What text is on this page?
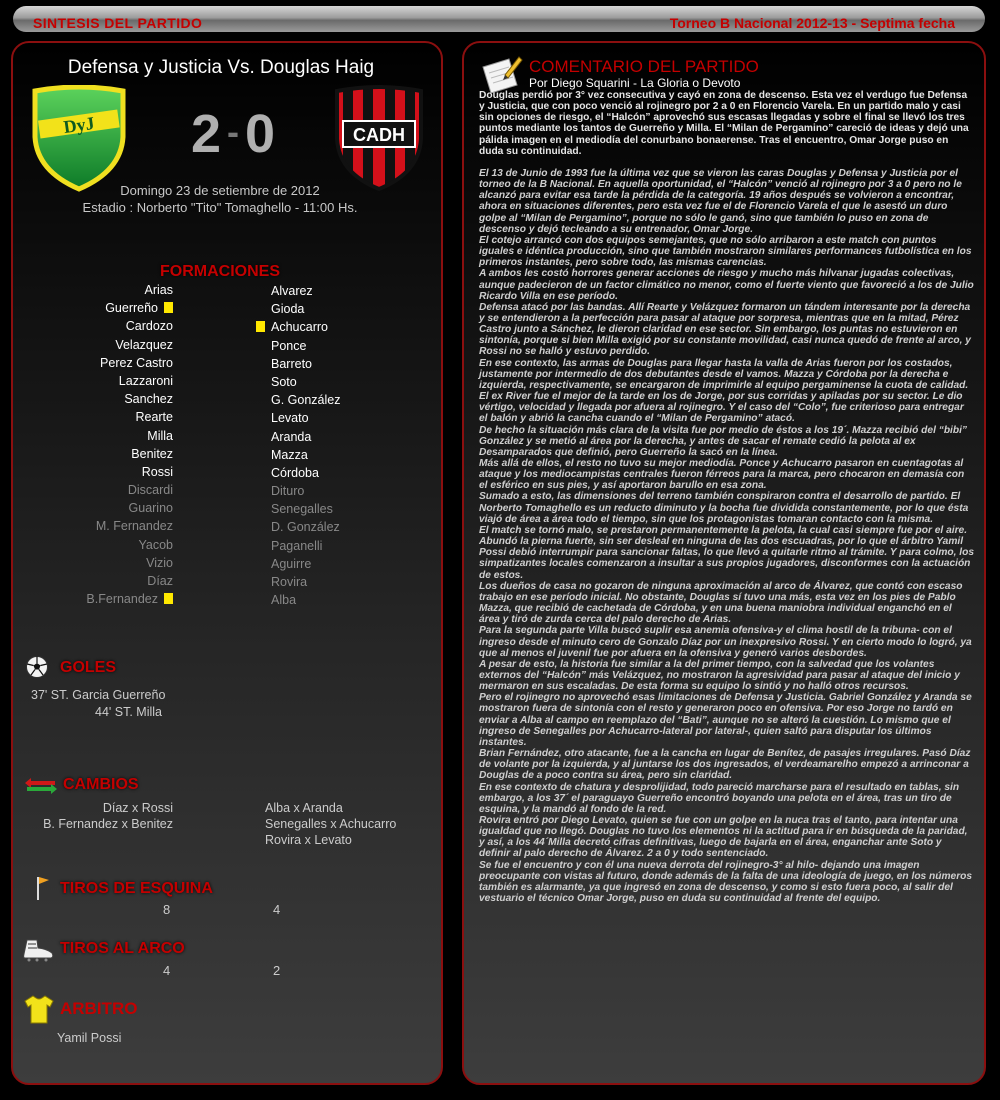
SINTESIS DEL PARTIDO	Torneo B Nacional 2012-13 - Septima fecha
Defensa y Justicia Vs. Douglas Haig
DyJ	2 - 0	CADH
Domingo 23 de setiembre de 2012
Estadio : Norberto "Tito" Tomaghello - 11:00 Hs.
FORMACIONES
Arias
Guerreño
Cardozo
Velazquez
Perez Castro
Lazzaroni
Sanchez
Rearte
Milla
Benitez
Rossi
Discardi
Guarino
M. Fernandez
Yacob
Vizio
Díaz
B.Fernandez
Alvarez
Gioda
Achucarro
Ponce
Barreto
Soto
G. González
Levato
Aranda
Mazza
Córdoba
Dituro
Senegalles
D. González
Paganelli
Aguirre
Rovira
Alba
GOLES
37' ST. Garcia Guerreño
44' ST. Milla
CAMBIOS
Díaz x Rossi
B. Fernandez x Benitez
Alba x Aranda
Senegalles x Achucarro
Rovira x Levato
TIROS DE ESQUINA
8	4
TIROS AL ARCO
4	2
ARBITRO
Yamil Possi
COMENTARIO DEL PARTIDO
Por Diego Squarini - La Gloria o Devoto

Douglas perdió por 3° vez consecutiva y cayó en zona de descenso. Esta vez el verdugo fue Defensa y Justicia, que con poco venció al rojinegro por 2 a 0 en Florencio Varela. En un partido malo y casi sin opciones de riesgo, el “Halcón” aprovechó sus escasas llegadas y sobre el final se llevó los tres puntos mediante los tantos de Guerreño y Milla. El “Milan de Pergamino” careció de ideas y dejó una pálida imagen en el mediodía del conurbano bonaerense. Tras el encuentro, Omar Jorge puso en duda su continuidad.

El 13 de Junio de 1993 fue la última vez que se vieron las caras Douglas y Defensa y Justicia por el torneo de la B Nacional. En aquella oportunidad, el “Halcón” venció al rojinegro por 3 a 0 pero no le alcanzó para evitar esa tarde la pérdida de la categoría. 19 años después se volvieron a encontrar, ahora en situaciones diferentes, pero esta vez fue el de Florencio Varela el que le asestó un duro golpe al “Milan de Pergamino”, porque no sólo le ganó, sino que también lo puso en zona de descenso y dejó tecleando a su entrenador, Omar Jorge.

El cotejo arrancó con dos equipos semejantes, que no sólo arribaron a este match con puntos iguales e idéntica producción, sino que también mostraron similares performances futbolística en los primeros instantes, pero sobre todo, las mismas carencias.

A ambos les costó horrores generar acciones de riesgo y mucho más hilvanar jugadas colectivas, aunque padecieron de un factor climático no menor, como el fuerte viento que favoreció a los de Julio Ricardo Villa en ese período.

Defensa atacó por las bandas. Allí Rearte y Velázquez formaron un tándem interesante por la derecha y se entendieron a la perfección para pasar al ataque por sorpresa, mientras que en la mitad, Pérez Castro junto a Sánchez, le dieron claridad en ese sector. Sin embargo, los puntas no estuvieron en sintonía, porque si bien Milla exigió por su constante movilidad, casi nunca quedó de frente al arco, y Rossi no se halló y estuvo perdido.

En ese contexto, las armas de Douglas para llegar hasta la valla de Arias fueron por los costados, justamente por intermedio de dos debutantes desde el vamos. Mazza y Córdoba por la derecha e izquierda, respectivamente, se encargaron de imprimirle al equipo pergaminense la cuota de calidad.

El ex River fue el mejor de la tarde en los de Jorge, por sus corridas y apiladas por su sector. Le dio vértigo, velocidad y llegada por afuera al rojinegro. Y el caso del “Colo”, fue criterioso para entregar el balón y abrió la cancha cuando el “Milan de Pergamino” atacó.

De hecho la situación más clara de la visita fue por medio de éstos a los 19´. Mazza recibió del “bibi” González y se metió al área por la derecha, y antes de sacar el remate cedió la pelota al ex Desamparados que definió, pero Guerreño la sacó en la línea.

Más allá de ellos, el resto no tuvo su mejor mediodía. Ponce y Achucarro pasaron en cuentagotas al ataque y los mediocampistas centrales fueron férreos para la marca, pero chocaron en demasía con el esférico en sus pies, y así aportaron barullo en esa zona.

Sumado a esto, las dimensiones del terreno también conspiraron contra el desarrollo de partido. El Norberto Tomaghello es un reducto diminuto y la bocha fue dividida constantemente, por lo que ésta viajó de área a área todo el tiempo, sin que los protagonistas tomaran contacto con la misma.

El match se tornó malo, se prestaron permanentemente la pelota, la cual casi siempre fue por el aire. Abundó la pierna fuerte, sin ser desleal en ninguna de las dos escuadras, por lo que el árbitro Yamil Possi debió interrumpir para sancionar faltas, lo que llevó a quitarle ritmo al trámite. Y para colmo, los simpatizantes locales comenzaron a insultar a sus propios jugadores, disconformes con la actuación de estos.

Los dueños de casa no gozaron de ninguna aproximación al arco de Álvarez, que contó con escaso trabajo en ese período inicial. No obstante, Douglas sí tuvo una más, esta vez en los pies de Pablo Mazza, que recibió de cachetada de Córdoba, y en una buena maniobra individual enganchó en el área y tiró de zurda cerca del palo derecho de Arias.

Para la segunda parte Villa buscó suplir esa anemia ofensiva-y el clima hostil de la tribuna- con el ingreso desde el minuto cero de Gonzalo Díaz por un inexpresivo Rossi. Y en cierto modo lo logró, ya que al menos el juvenil fue por afuera en la ofensiva y generó varios desbordes.

A pesar de esto, la historia fue similar a la del primer tiempo, con la salvedad que los volantes externos del “Halcón” más Velázquez, no mostraron la agresividad para pasar al ataque del inicio y mermaron en sus escaladas. De esta forma su equipo lo sintió y no halló otros recursos.

Pero el rojinegro no aprovechó esas limitaciones de Defensa y Justicia. Gabriel González y Aranda se mostraron fuera de sintonía con el resto y generaron poco en ofensiva. Por eso Jorge no tardó en enviar a Alba al campo en reemplazo del “Bati”, aunque no se alteró la cuestión. Lo mismo que el ingreso de Senegalles por Achucarro-lateral por lateral-, quien saltó para disputar los últimos instantes.

Brian Fernández, otro atacante, fue a la cancha en lugar de Benítez, de pasajes irregulares. Pasó Díaz de volante por la izquierda, y al juntarse los dos ingresados, el verdeamarelho empezó a arrinconar a Douglas de a poco contra su área, pero sin claridad.

En ese contexto de chatura y desprolijidad, todo pareció marcharse para el resultado en tablas, sin embargo, a los 37´ el paraguayo Guerreño encontró boyando una pelota en el área, tras un tiro de esquina, y la mandó al fondo de la red.

Rovira entró por Diego Levato, quien se fue con un golpe en la nuca tras el tanto, para intentar una igualdad que no llegó. Douglas no tuvo los elementos ni la actitud para ir en búsqueda de la paridad, y así, a los 44´Milla decretó cifras definitivas, luego de bajarla en el área, enganchar ante Soto y definir al palo derecho de Álvarez. 2 a 0 y todo sentenciado.

Se fue el encuentro y con él una nueva derrota del rojinegro-3° al hilo- dejando una imagen preocupante con vistas al futuro, donde además de la falta de una ideología de juego, en los números también es alarmante, ya que ingresó en zona de descenso, y como si esto fuera poco, al salir del vestuario el técnico Omar Jorge, puso en duda su continuidad al frente del equipo.
